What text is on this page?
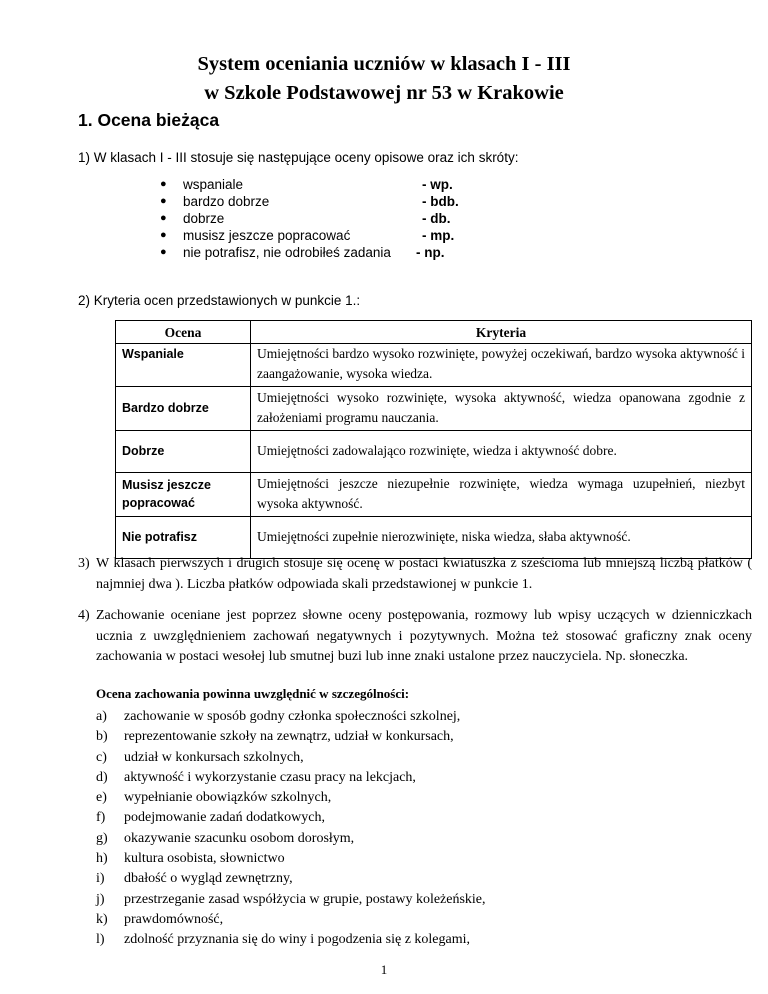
System oceniania uczniów w klasach I - III
w Szkole Podstawowej nr 53 w Krakowie
1. Ocena bieżąca
1) W klasach I - III stosuje się następujące oceny opisowe oraz ich skróty:
● wspaniale	- wp.
● bardzo dobrze	- bdb.
● dobrze	- db.
● musisz jeszcze popracować	- mp.
● nie potrafisz, nie odrobiłeś zadania - np.
2) Kryteria ocen przedstawionych w punkcie 1.:
Ocena	Kryteria
Wspaniale	Umiejętności bardzo wysoko rozwinięte, powyżej oczekiwań, bardzo wysoka aktywność i zaangażowanie, wysoka wiedza.
Bardzo dobrze	Umiejętności wysoko rozwinięte, wysoka aktywność, wiedza opanowana zgodnie z założeniami programu nauczania.
Dobrze	Umiejętności zadowalająco rozwinięte, wiedza i aktywność dobre.
Musisz jeszcze popracować	Umiejętności jeszcze niezupełnie rozwinięte, wiedza wymaga uzupełnień, niezbyt wysoka aktywność.
Nie potrafisz	Umiejętności zupełnie nierozwinięte, niska wiedza, słaba aktywność.
3) W klasach pierwszych i drugich stosuje się ocenę w postaci kwiatuszka z sześcioma lub mniejszą liczbą płatków ( najmniej dwa ). Liczba płatków odpowiada skali przedstawionej w punkcie 1.
4) Zachowanie oceniane jest poprzez słowne oceny postępowania, rozmowy lub wpisy uczących w dzienniczkach ucznia z uwzględnieniem zachowań negatywnych i pozytywnych. Można też stosować graficzny znak oceny zachowania w postaci wesołej lub smutnej buzi lub inne znaki ustalone przez nauczyciela. Np. słoneczka.
Ocena zachowania powinna uwzględnić w szczególności:
a) zachowanie w sposób godny członka społeczności szkolnej,
b) reprezentowanie szkoły na zewnątrz, udział w konkursach,
c) udział w konkursach szkolnych,
d) aktywność i wykorzystanie czasu pracy na lekcjach,
e) wypełnianie obowiązków szkolnych,
f) podejmowanie zadań dodatkowych,
g) okazywanie szacunku osobom dorosłym,
h) kultura osobista, słownictwo
i) dbałość o wygląd zewnętrzny,
j) przestrzeganie zasad współżycia w grupie, postawy koleżeńskie,
k) prawdomówność,
l) zdolność przyznania się do winy i pogodzenia się z kolegami,
1
